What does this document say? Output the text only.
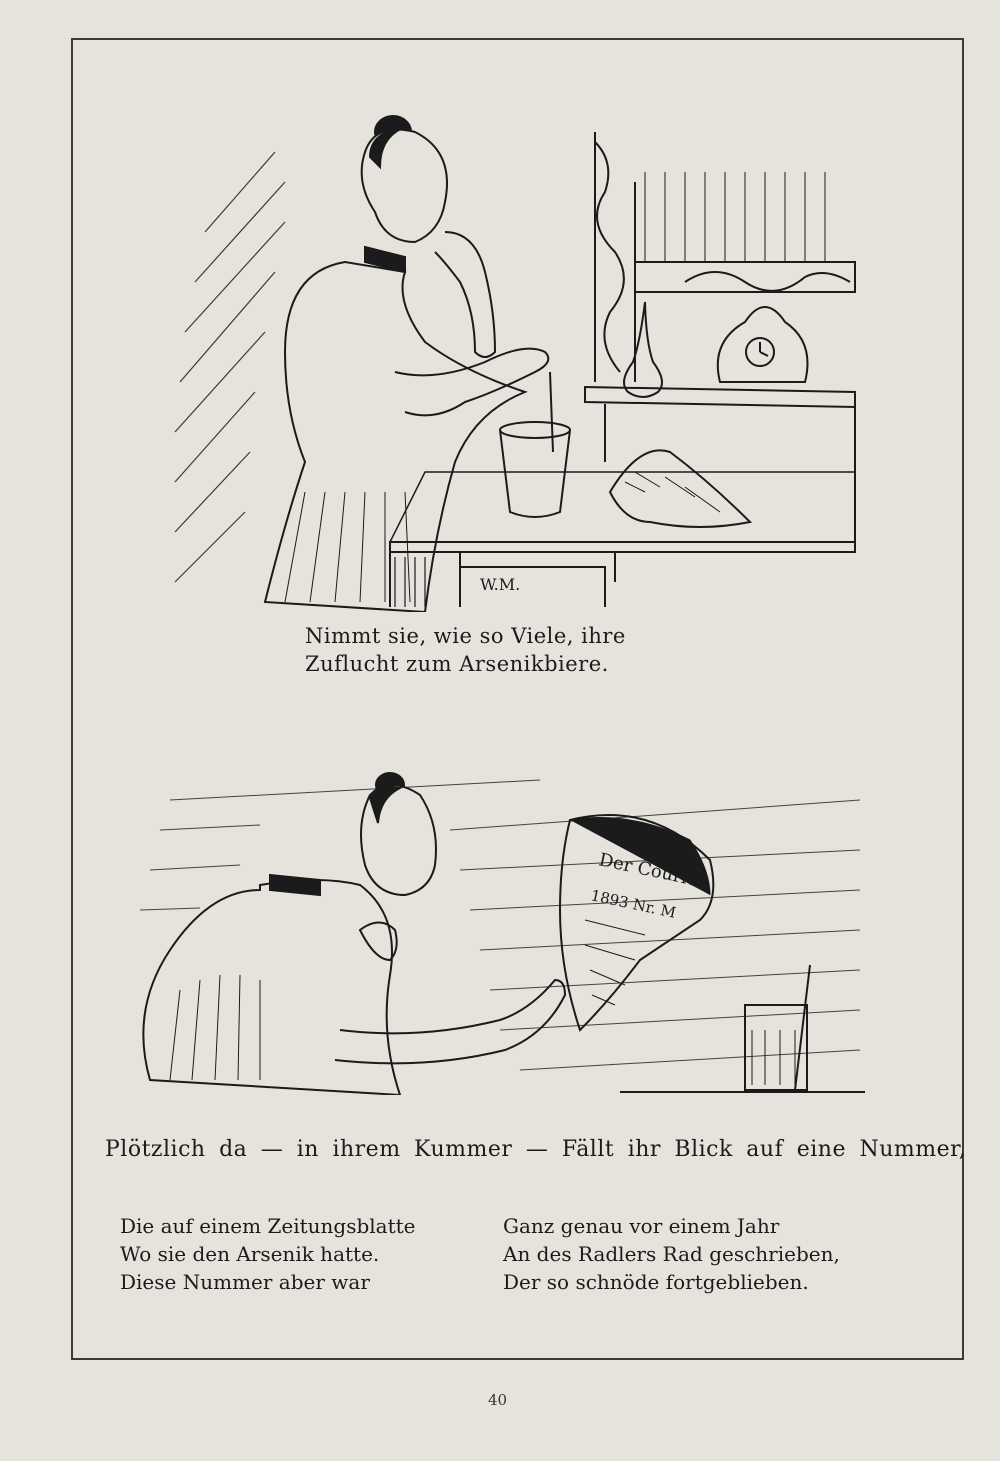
W.M.
Nimmt sie, wie so Viele, ihre
Zuflucht zum Arsenikbiere.
Der Courier
1893 Nr. M
Plötzlich da — in ihrem Kummer — Fällt ihr Blick auf eine Nummer,
Die auf einem Zeitungsblatte
Wo sie den Arsenik hatte.
Diese Nummer aber war
Ganz genau vor einem Jahr
An des Radlers Rad geschrieben,
Der so schnöde fortgeblieben.
40
